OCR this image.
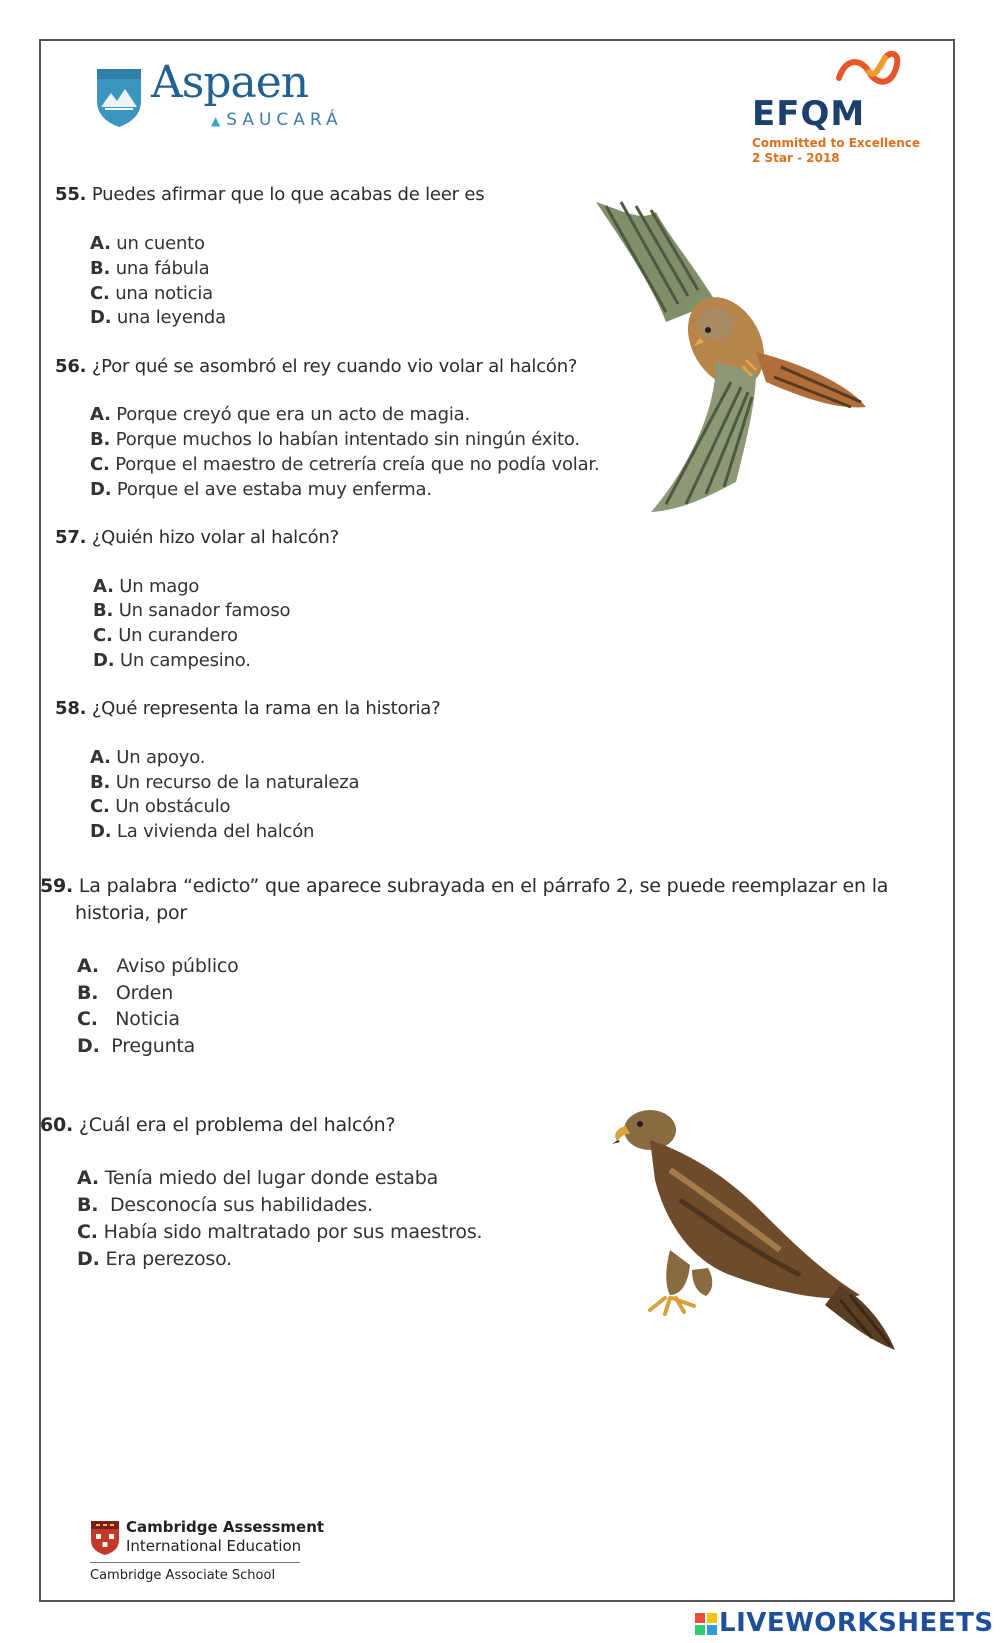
Aspaen
▲ SAUCARÁ	EFQM
Committed to Excellence
2 Star - 2018
55. Puedes afirmar que lo que acabas de leer es
A. un cuento
B. una fábula
C. una noticia
D. una leyenda
56. ¿Por qué se asombró el rey cuando vio volar al halcón?
A. Porque creyó que era un acto de magia.
B. Porque muchos lo habían intentado sin ningún éxito.
C. Porque el maestro de cetrería creía que no podía volar.
D. Porque el ave estaba muy enferma.
57. ¿Quién hizo volar al halcón?
A. Un mago
B. Un sanador famoso
C. Un curandero
D. Un campesino.
58. ¿Qué representa la rama en la historia?
A. Un apoyo.
B. Un recurso de la naturaleza
C. Un obstáculo
D. La vivienda del halcón
59. La palabra “edicto” que aparece subrayada en el párrafo 2, se puede reemplazar en la
historia, por
A. Aviso público
B. Orden
C. Noticia
D. Pregunta
60. ¿Cuál era el problema del halcón?
A. Tenía miedo del lugar donde estaba
B. Desconocía sus habilidades.
C. Había sido maltratado por sus maestros.
D. Era perezoso.
Cambridge Assessment
International Education
Cambridge Associate School
LIVEWORKSHEETS
